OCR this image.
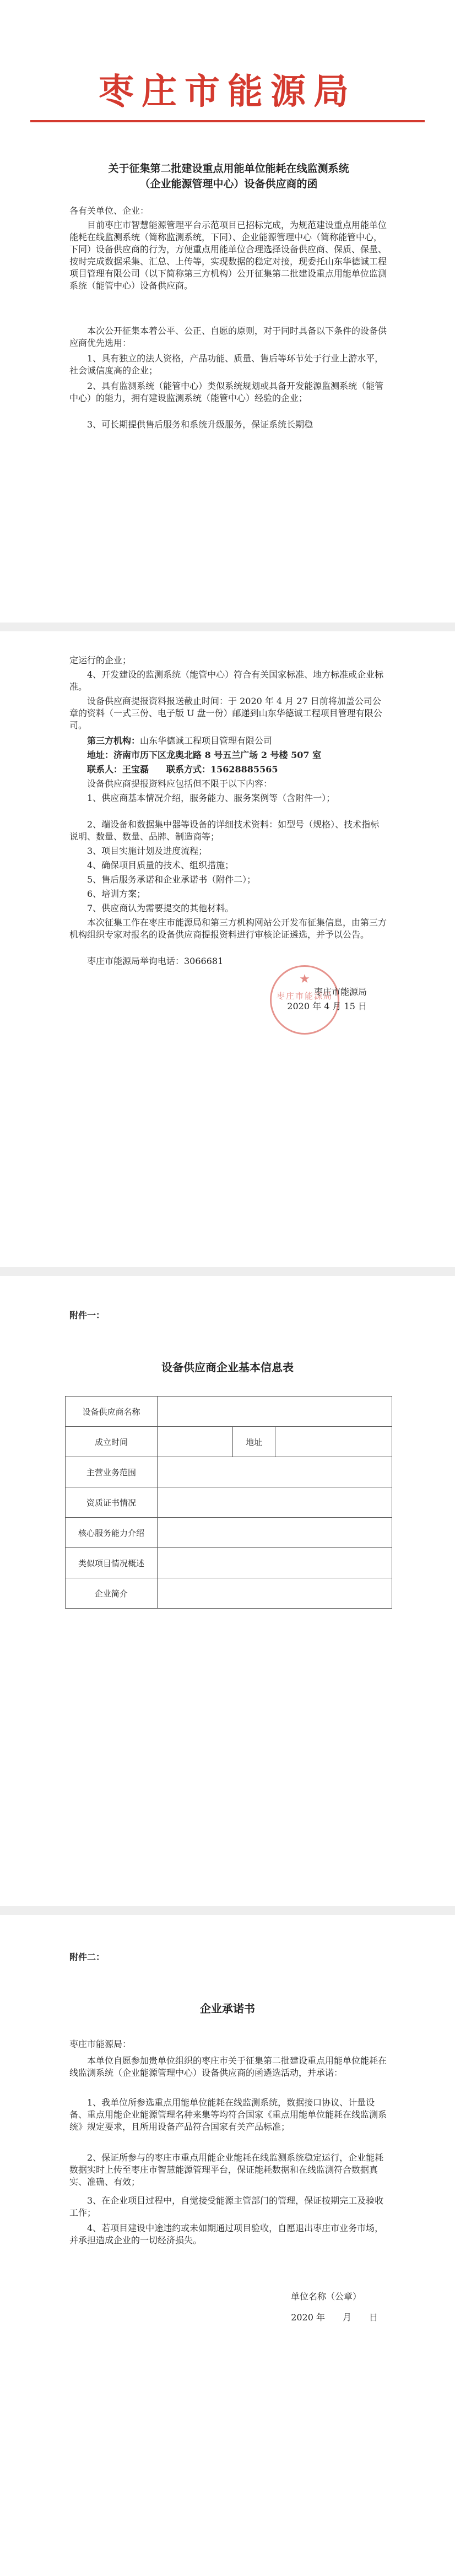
枣庄市能源局
关于征集第二批建设重点用能单位能耗在线监测系统
（企业能源管理中心）设备供应商的函
各有关单位、企业：
目前枣庄市智慧能源管理平台示范项目已招标完成，为规范建设重点用能单位能耗在线监测系统（简称监测系统，下同）、企业能源管理中心（简称能管中心，下同）设备供应商的行为，方便重点用能单位合理选择设备供应商、保质、保量、按时完成数据采集、汇总、上传等，实现数据的稳定对接，现委托山东华德诚工程项目管理有限公司（以下简称第三方机构）公开征集第二批建设重点用能单位监测系统（能管中心）设备供应商。
本次公开征集本着公平、公正、自愿的原则，对于同时具备以下条件的设备供应商优先选用：
1、具有独立的法人资格，产品功能、质量、售后等环节处于行业上游水平，社会诚信度高的企业；
2、具有监测系统（能管中心）类似系统规划或具备开发能源监测系统（能管中心）的能力，拥有建设监测系统（能管中心）经验的企业；
3、可长期提供售后服务和系统升级服务，保证系统长期稳
定运行的企业；
4、开发建设的监测系统（能管中心）符合有关国家标准、地方标准或企业标准。
设备供应商提报资料报送截止时间：于 2020 年 4 月 27 日前将加盖公司公章的资料（一式三份、电子版 U 盘一份）邮递到山东华德诚工程项目管理有限公司。
第三方机构：山东华德诚工程项目管理有限公司
地址：济南市历下区龙奥北路 8 号五兰广场 2 号楼 507 室
联系人：王宝磊　　联系方式：15628885565
设备供应商提报资料应包括但不限于以下内容：
1、供应商基本情况介绍，服务能力、服务案例等（含附件一）；
2、端设备和数据集中器等设备的详细技术资料：如型号（规格）、技术指标说明、数量、数量、品牌、制造商等；
3、项目实施计划及进度流程；
4、确保项目质量的技术、组织措施；
5、售后服务承诺和企业承诺书（附件二）；
6、培训方案；
7、供应商认为需要提交的其他材料。
本次征集工作在枣庄市能源局和第三方机构网站公开发布征集信息，由第三方机构组织专家对报名的设备供应商提报资料进行审核论证遴选，并予以公告。
枣庄市能源局举询电话：3066681
★
枣庄市能源局
枣庄市能源局
2020 年 4 月 15 日
附件一：
设备供应商企业基本信息表
设备供应商名称			
成立时间		地址	
主营业务范围			
资质证书情况			
核心服务能力介绍			
类似项目情况概述			
企业简介			
附件二：
企业承诺书
枣庄市能源局：
本单位自愿参加贵单位组织的枣庄市关于征集第二批建设重点用能单位能耗在线监测系统（企业能源管理中心）设备供应商的函遴选活动，并承诺：
1、我单位所参选重点用能单位能耗在线监测系统，数据接口协议、计量设备、重点用能企业能源管理名种来集等均符合国家《重点用能单位能耗在线监测系统》规定要求，且所用设备产品符合国家有关产品标准；
2、保证所参与的枣庄市重点用能企业能耗在线监测系统稳定运行，企业能耗数据实时上传至枣庄市智慧能源管理平台，保证能耗数据和在线监测符合数据真实、准确、有效；
3、在企业项目过程中，自觉接受能源主管部门的管理，保证按期完工及验收工作；
4、若项目建设中途违约或未如期通过项目验收，自愿退出枣庄市业务市场，并承担造成企业的一切经济损失。
单位名称（公章）
2020 年　　月　　日
